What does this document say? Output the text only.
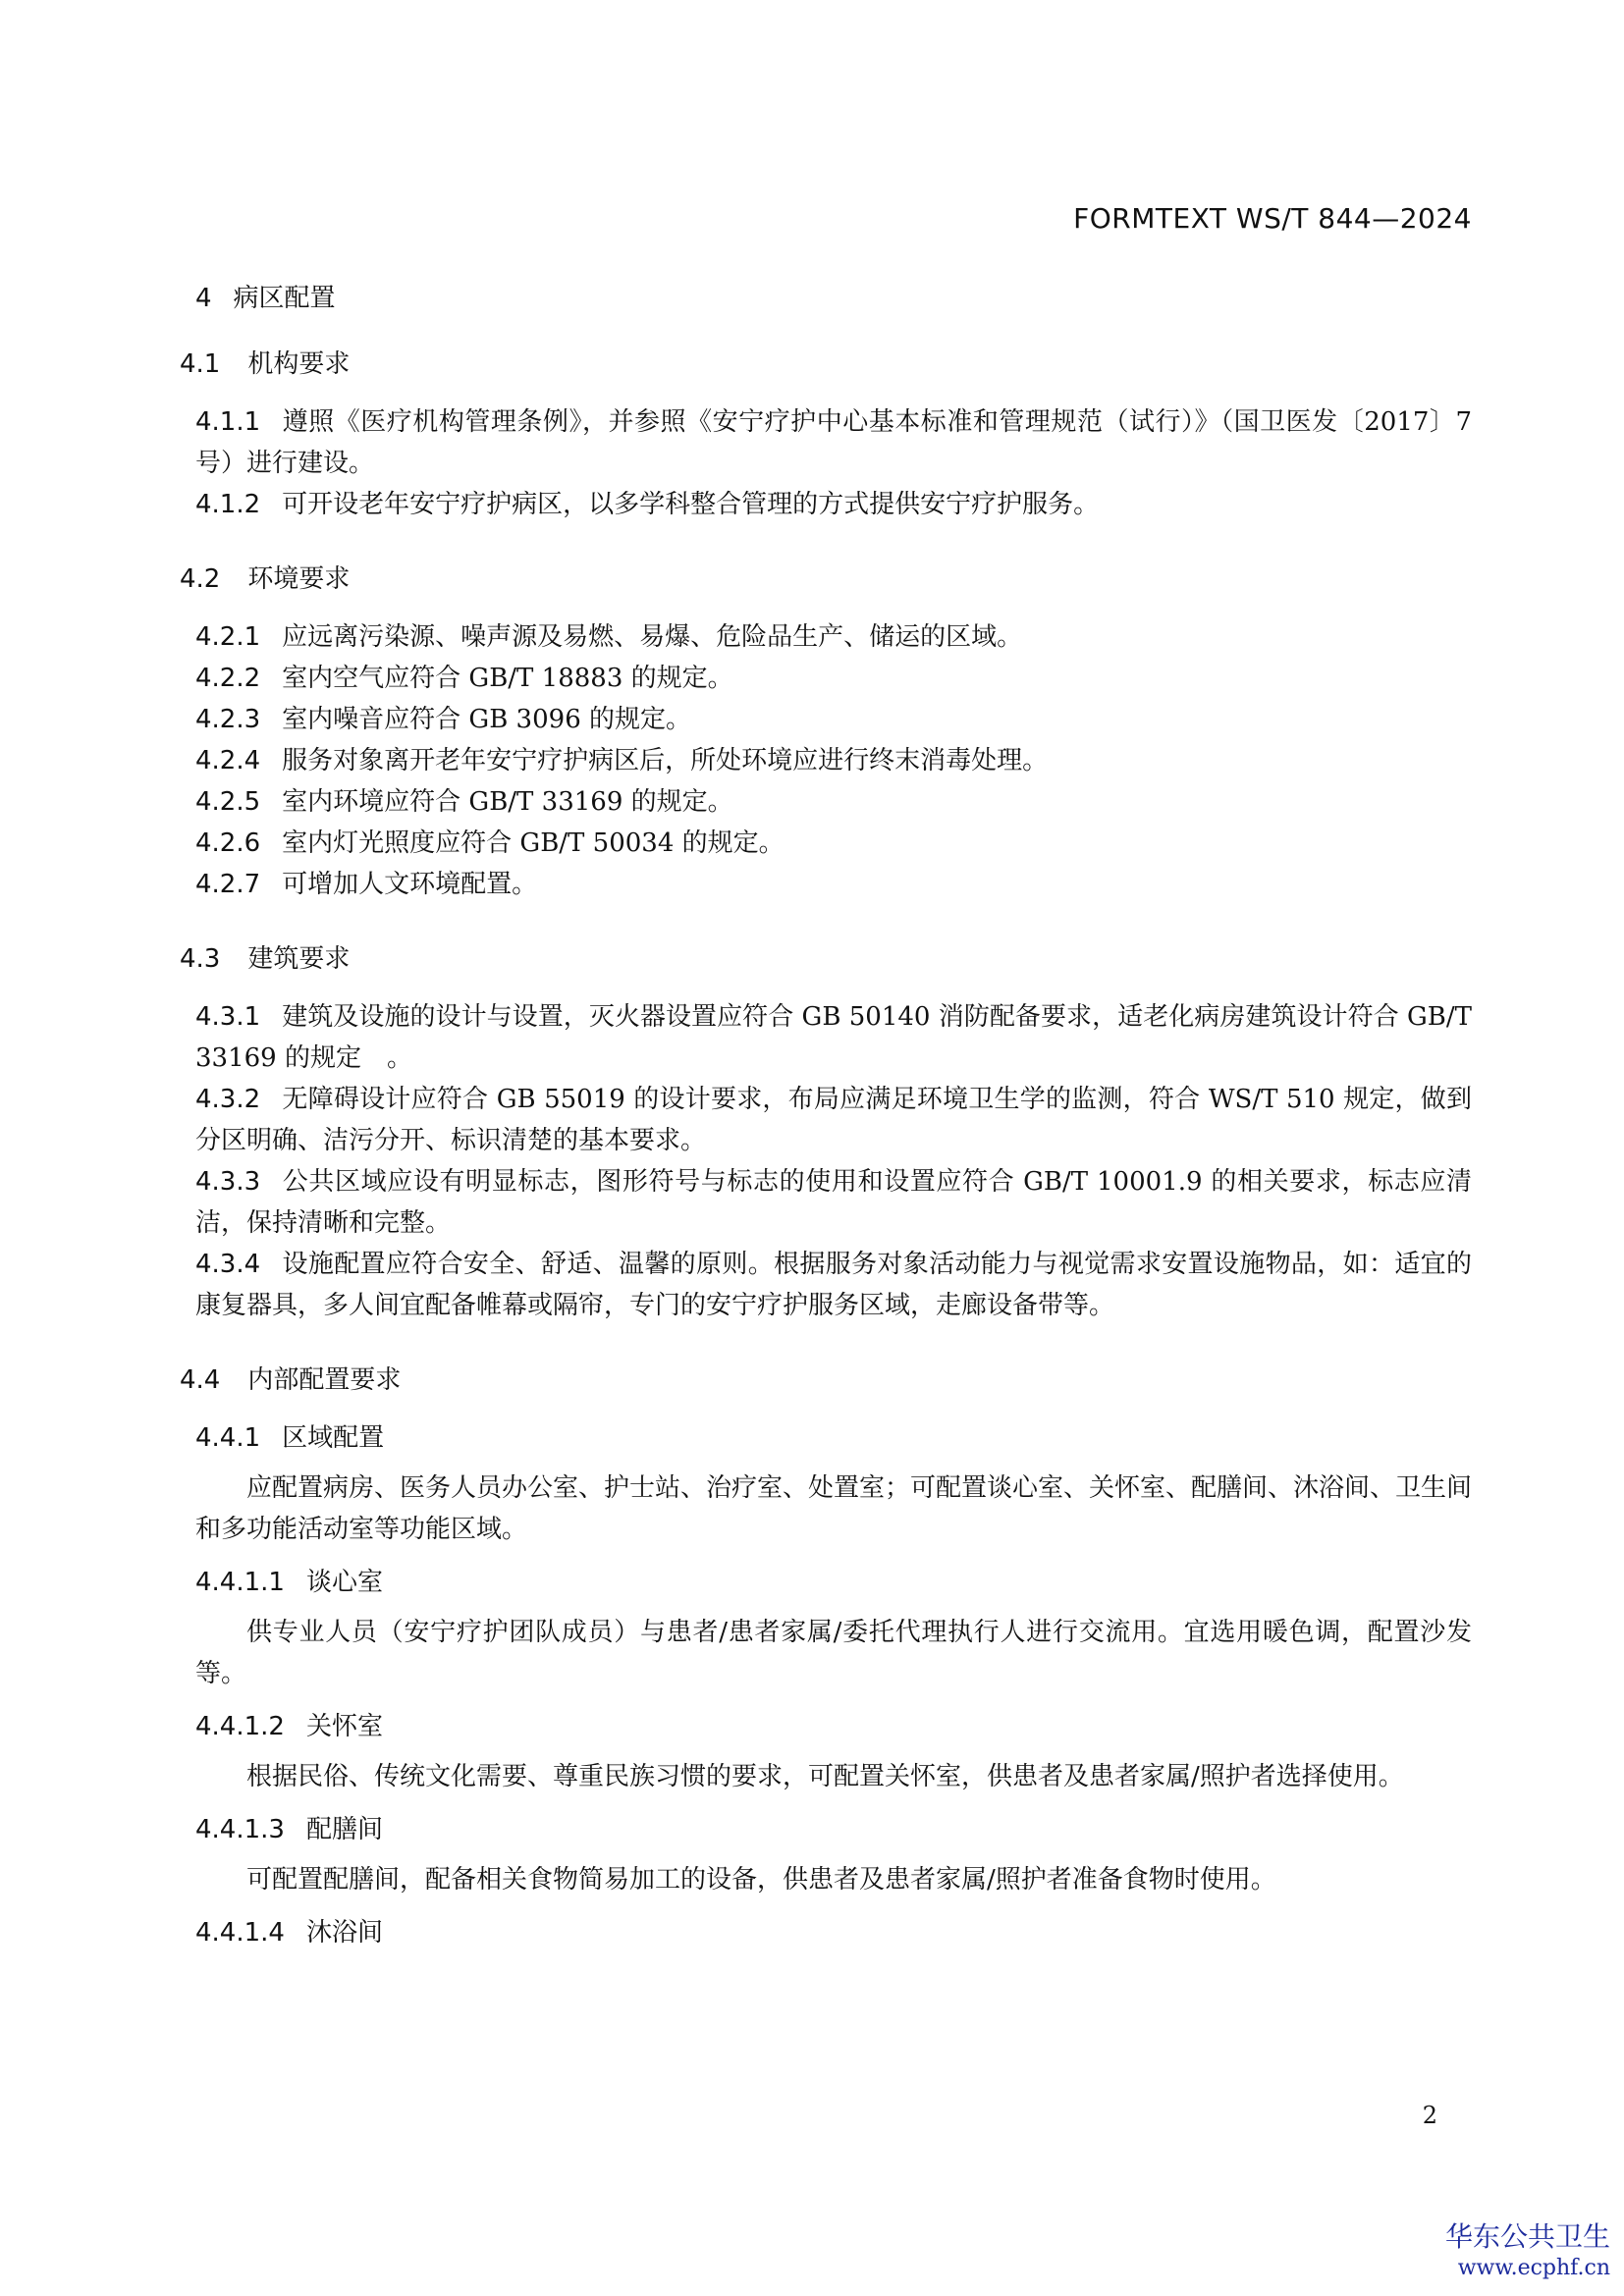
FORMTEXT WS/T 844—2024
4 病区配置
4.1 机构要求

4.1.1 遵照《医疗机构管理条例》，并参照《安宁疗护中心基本标准和管理规范（试行）》（国卫医发〔2017〕7号）进行建设。

4.1.2 可开设老年安宁疗护病区，以多学科整合管理的方式提供安宁疗护服务。

4.2 环境要求

4.2.1 应远离污染源、噪声源及易燃、易爆、危险品生产、储运的区域。

4.2.2 室内空气应符合 GB/T 18883 的规定。

4.2.3 室内噪音应符合 GB 3096 的规定。

4.2.4 服务对象离开老年安宁疗护病区后，所处环境应进行终末消毒处理。

4.2.5 室内环境应符合 GB/T 33169 的规定。

4.2.6 室内灯光照度应符合 GB/T 50034 的规定。

4.2.7 可增加人文环境配置。

4.3 建筑要求

4.3.1 建筑及设施的设计与设置，灭火器设置应符合 GB 50140 消防配备要求，适老化病房建筑设计符合 GB/T 33169 的规定　。

4.3.2 无障碍设计应符合 GB 55019 的设计要求，布局应满足环境卫生学的监测，符合 WS/T 510 规定，做到分区明确、洁污分开、标识清楚的基本要求。

4.3.3 公共区域应设有明显标志，图形符号与标志的使用和设置应符合 GB/T 10001.9 的相关要求，标志应清洁，保持清晰和完整。

4.3.4 设施配置应符合安全、舒适、温馨的原则。根据服务对象活动能力与视觉需求安置设施物品，如：适宜的康复器具，多人间宜配备帷幕或隔帘，专门的安宁疗护服务区域，走廊设备带等。

4.4 内部配置要求
4.4.1 区域配置

应配置病房、医务人员办公室、护士站、治疗室、处置室；可配置谈心室、关怀室、配膳间、沐浴间、卫生间和多功能活动室等功能区域。

4.4.1.1 谈心室

供专业人员（安宁疗护团队成员）与患者/患者家属/委托代理执行人进行交流用。宜选用暖色调，配置沙发等。

4.4.1.2 关怀室

根据民俗、传统文化需要、尊重民族习惯的要求，可配置关怀室，供患者及患者家属/照护者选择使用。

4.4.1.3 配膳间

可配置配膳间，配备相关食物简易加工的设备，供患者及患者家属/照护者准备食物时使用。

4.4.1.4 沐浴间
2
华东公共卫生
www.ecphf.cn
